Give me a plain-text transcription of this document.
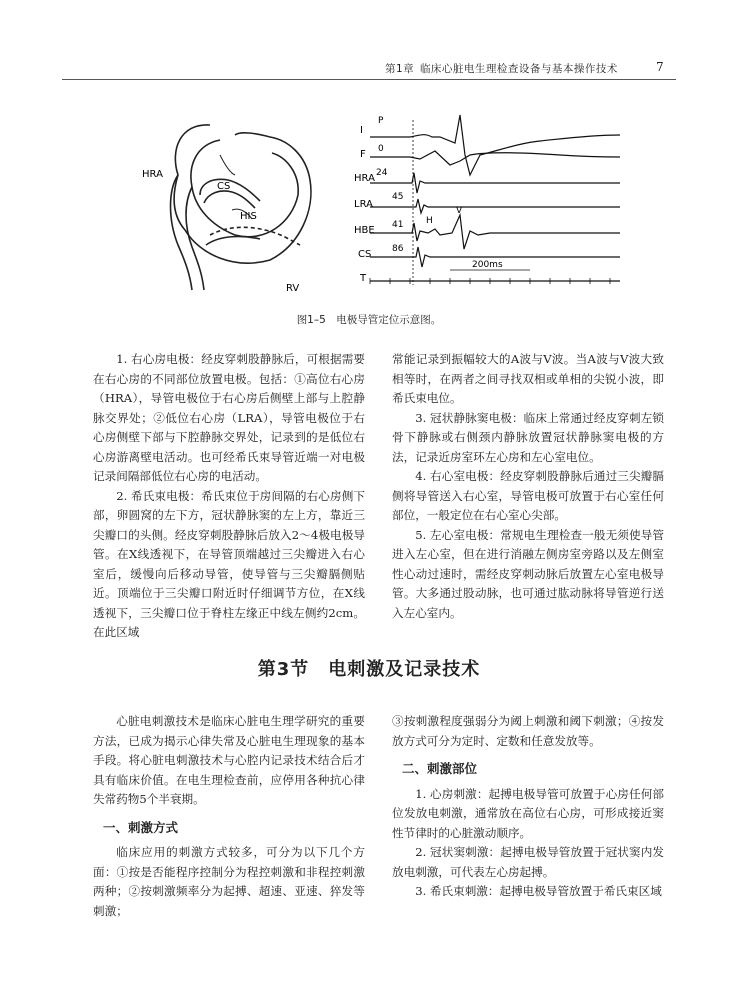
第1章  临床心脏电生理检查设备与基本操作技术	7
HRA
CS
HIS
RV
I
F
HRA
LRA
HBE
CS
T
P
0
24
45
41	H
V
86
200ms
图1–5　电极导管定位示意图。

1. 右心房电极：经皮穿刺股静脉后，可根据需要在右心房的不同部位放置电极。包括：①高位右心房（HRA），导管电极位于右心房后侧壁上部与上腔静脉交界处；②低位右心房（LRA），导管电极位于右心房侧壁下部与下腔静脉交界处，记录到的是低位右心房游离壁电活动。也可经希氏束导管近端一对电极记录间隔部低位右心房的电活动。

2. 希氏束电极：希氏束位于房间隔的右心房侧下部，卵圆窝的左下方，冠状静脉窦的左上方，靠近三尖瓣口的头侧。经皮穿刺股静脉后放入2～4极电极导管。在X线透视下，在导管顶端越过三尖瓣进入右心室后，缓慢向后移动导管，使导管与三尖瓣膈侧贴近。顶端位于三尖瓣口附近时仔细调节方位，在X线透视下，三尖瓣口位于脊柱左缘正中线左侧约2cm。在此区域

常能记录到振幅较大的A波与V波。当A波与V波大致相等时，在两者之间寻找双相或单相的尖锐小波，即希氏束电位。

3. 冠状静脉窦电极：临床上常通过经皮穿刺左锁骨下静脉或右侧颈内静脉放置冠状静脉窦电极的方法，记录近房室环左心房和左心室电位。

4. 右心室电极：经皮穿刺股静脉后通过三尖瓣膈侧将导管送入右心室，导管电极可放置于右心室任何部位，一般定位在右心室心尖部。

5. 左心室电极：常规电生理检查一般无须使导管进入左心室，但在进行消融左侧房室旁路以及左侧室性心动过速时，需经皮穿刺动脉后放置左心室电极导管。大多通过股动脉，也可通过肱动脉将导管逆行送入左心室内。

第3节　电刺激及记录技术

心脏电刺激技术是临床心脏电生理学研究的重要方法，已成为揭示心律失常及心脏电生理现象的基本手段。将心脏电刺激技术与心腔内记录技术结合后才具有临床价值。在电生理检查前，应停用各种抗心律失常药物5个半衰期。

一、刺激方式

临床应用的刺激方式较多，可分为以下几个方面：①按是否能程序控制分为程控刺激和非程控刺激两种；②按刺激频率分为起搏、超速、亚速、猝发等刺激；

③按刺激程度强弱分为阈上刺激和阈下刺激；④按发放方式可分为定时、定数和任意发放等。

二、刺激部位

1. 心房刺激：起搏电极导管可放置于心房任何部位发放电刺激，通常放在高位右心房，可形成接近窦性节律时的心脏激动顺序。

2. 冠状窦刺激：起搏电极导管放置于冠状窦内发放电刺激，可代表左心房起搏。

3. 希氏束刺激：起搏电极导管放置于希氏束区域
